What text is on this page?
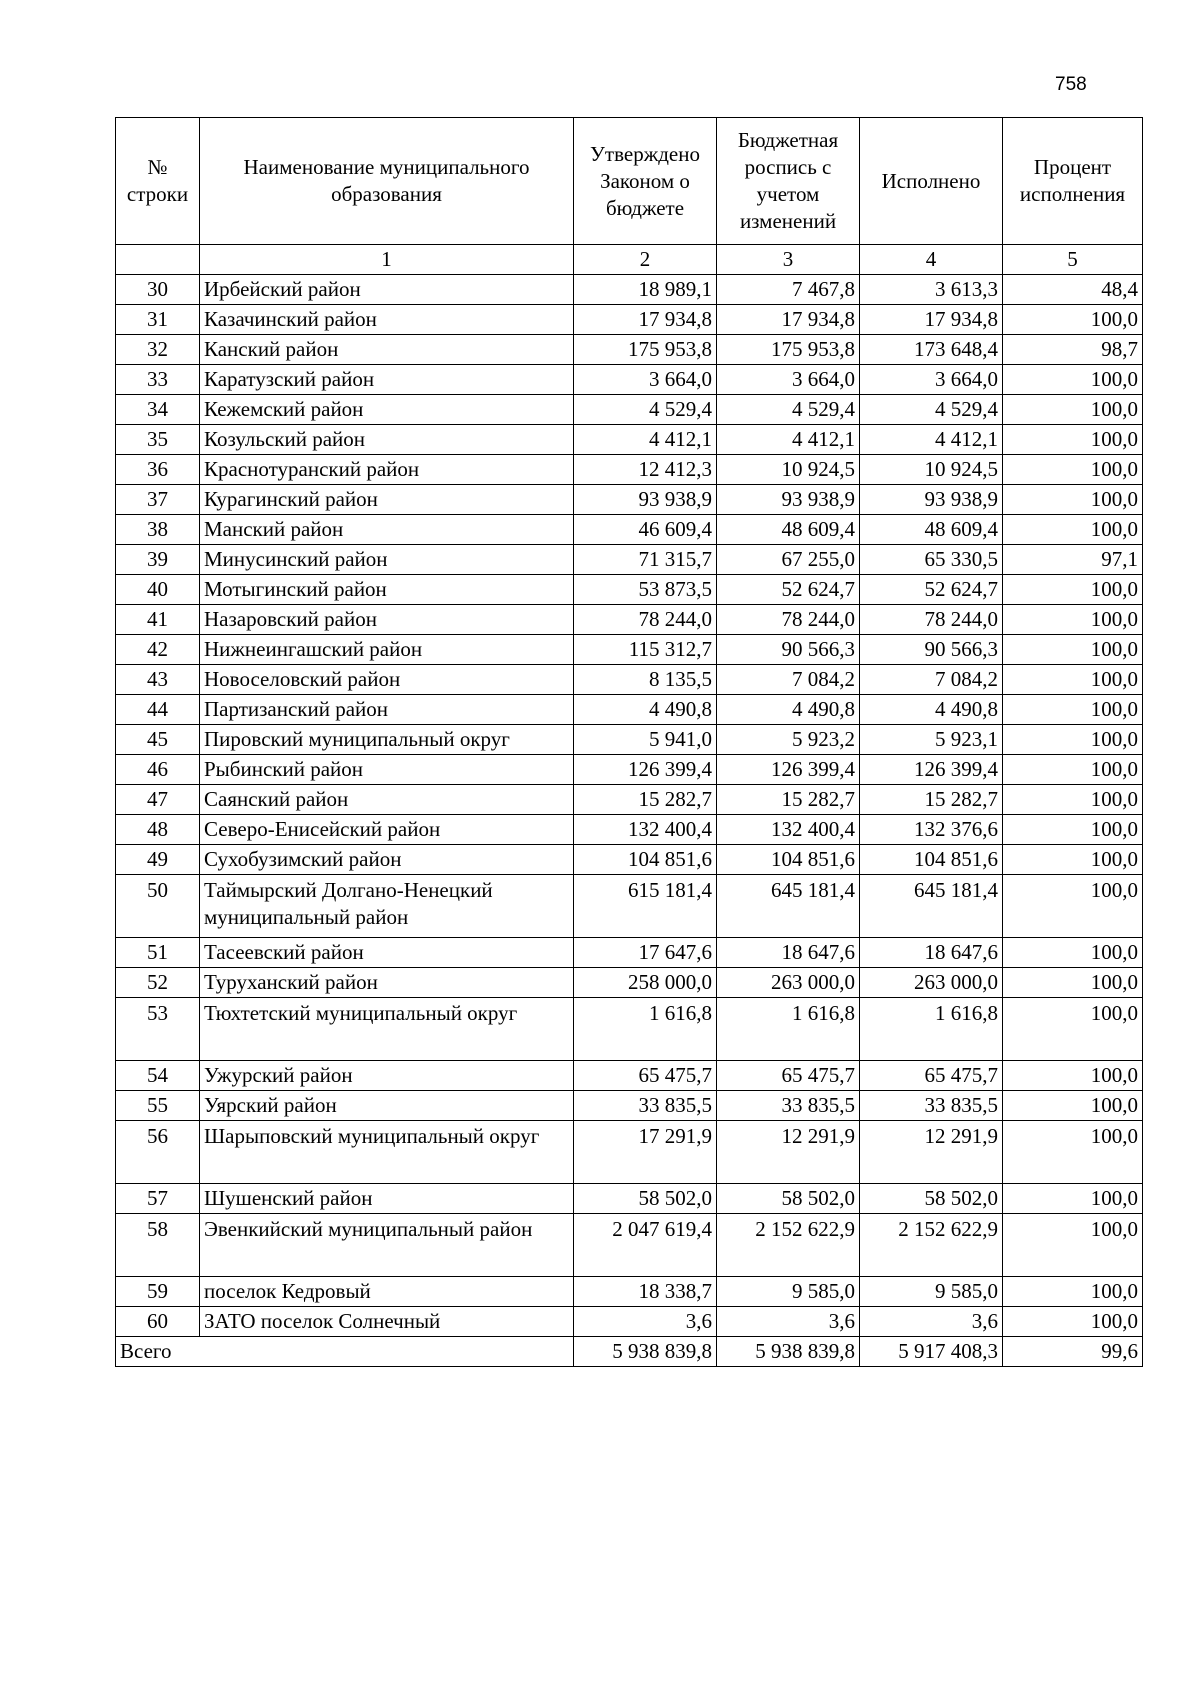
758
№ строки	Наименование муниципального образования	Утверждено Законом о бюджете	Бюджетная роспись с учетом изменений	Исполнено	Процент исполнения
	1	2	3	4	5
30	Ирбейский район	18 989,1	7 467,8	3 613,3	48,4
31	Казачинский район	17 934,8	17 934,8	17 934,8	100,0
32	Канский район	175 953,8	175 953,8	173 648,4	98,7
33	Каратузский район	3 664,0	3 664,0	3 664,0	100,0
34	Кежемский район	4 529,4	4 529,4	4 529,4	100,0
35	Козульский район	4 412,1	4 412,1	4 412,1	100,0
36	Краснотуранский район	12 412,3	10 924,5	10 924,5	100,0
37	Курагинский район	93 938,9	93 938,9	93 938,9	100,0
38	Манский район	46 609,4	48 609,4	48 609,4	100,0
39	Минусинский район	71 315,7	67 255,0	65 330,5	97,1
40	Мотыгинский район	53 873,5	52 624,7	52 624,7	100,0
41	Назаровский район	78 244,0	78 244,0	78 244,0	100,0
42	Нижнеингашский район	115 312,7	90 566,3	90 566,3	100,0
43	Новоселовский район	8 135,5	7 084,2	7 084,2	100,0
44	Партизанский район	4 490,8	4 490,8	4 490,8	100,0
45	Пировский муниципальный округ	5 941,0	5 923,2	5 923,1	100,0
46	Рыбинский район	126 399,4	126 399,4	126 399,4	100,0
47	Саянский район	15 282,7	15 282,7	15 282,7	100,0
48	Северо-Енисейский район	132 400,4	132 400,4	132 376,6	100,0
49	Сухобузимский район	104 851,6	104 851,6	104 851,6	100,0
50	Таймырский Долгано-Ненецкий муниципальный район	615 181,4	645 181,4	645 181,4	100,0
51	Тасеевский район	17 647,6	18 647,6	18 647,6	100,0
52	Туруханский район	258 000,0	263 000,0	263 000,0	100,0
53	Тюхтетский муниципальный округ	1 616,8	1 616,8	1 616,8	100,0
54	Ужурский район	65 475,7	65 475,7	65 475,7	100,0
55	Уярский район	33 835,5	33 835,5	33 835,5	100,0
56	Шарыповский муниципальный округ	17 291,9	12 291,9	12 291,9	100,0
57	Шушенский район	58 502,0	58 502,0	58 502,0	100,0
58	Эвенкийский муниципальный район	2 047 619,4	2 152 622,9	2 152 622,9	100,0
59	поселок Кедровый	18 338,7	9 585,0	9 585,0	100,0
60	ЗАТО поселок Солнечный	3,6	3,6	3,6	100,0
Всего		5 938 839,8	5 938 839,8	5 917 408,3	99,6
